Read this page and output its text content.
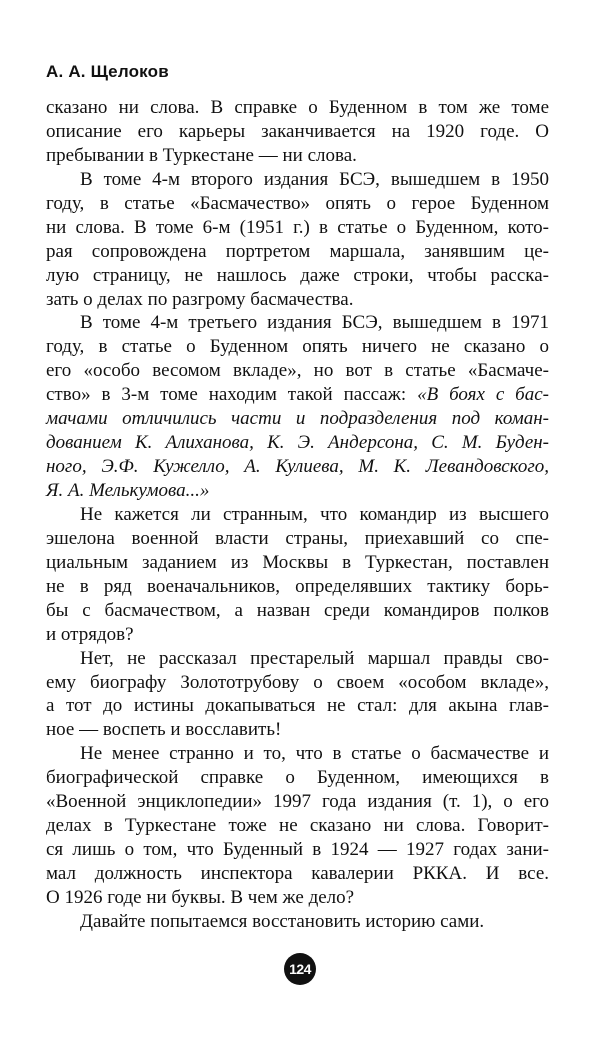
А. А. Щелоков
сказано ни слова. В справке о Буденном в том же томе
описание его карьеры заканчивается на 1920 годе. О
пребывании в Туркестане — ни слова.
В томе 4-м второго издания БСЭ, вышедшем в 1950
году, в статье «Басмачество» опять о герое Буденном
ни слова. В томе 6-м (1951 г.) в статье о Буденном, кото-
рая сопровождена портретом маршала, занявшим це-
лую страницу, не нашлось даже строки, чтобы расска-
зать о делах по разгрому басмачества.
В томе 4-м третьего издания БСЭ, вышедшем в 1971
году, в статье о Буденном опять ничего не сказано о
его «особо весомом вкладе», но вот в статье «Басмаче-
ство» в 3-м томе находим такой пассаж: «В боях с бас-
мачами отличились части и подразделения под коман-
дованием К. Алиханова, К. Э. Андерсона, С. М. Буден-
ного, Э.Ф. Кужелло, А. Кулиева, М. К. Левандовского,
Я. А. Мелькумова...»
Не кажется ли странным, что командир из высшего
эшелона военной власти страны, приехавший со спе-
циальным заданием из Москвы в Туркестан, поставлен
не в ряд военачальников, определявших тактику борь-
бы с басмачеством, а назван среди командиров полков
и отрядов?
Нет, не рассказал престарелый маршал правды сво-
ему биографу Золототрубову о своем «особом вкладе»,
а тот до истины докапываться не стал: для акына глав-
ное — воспеть и восславить!
Не менее странно и то, что в статье о басмачестве и
биографической справке о Буденном, имеющихся в
«Военной энциклопедии» 1997 года издания (т. 1), о его
делах в Туркестане тоже не сказано ни слова. Говорит-
ся лишь о том, что Буденный в 1924 — 1927 годах зани-
мал должность инспектора кавалерии РККА. И все.
О 1926 годе ни буквы. В чем же дело?
Давайте попытаемся восстановить историю сами.
124
